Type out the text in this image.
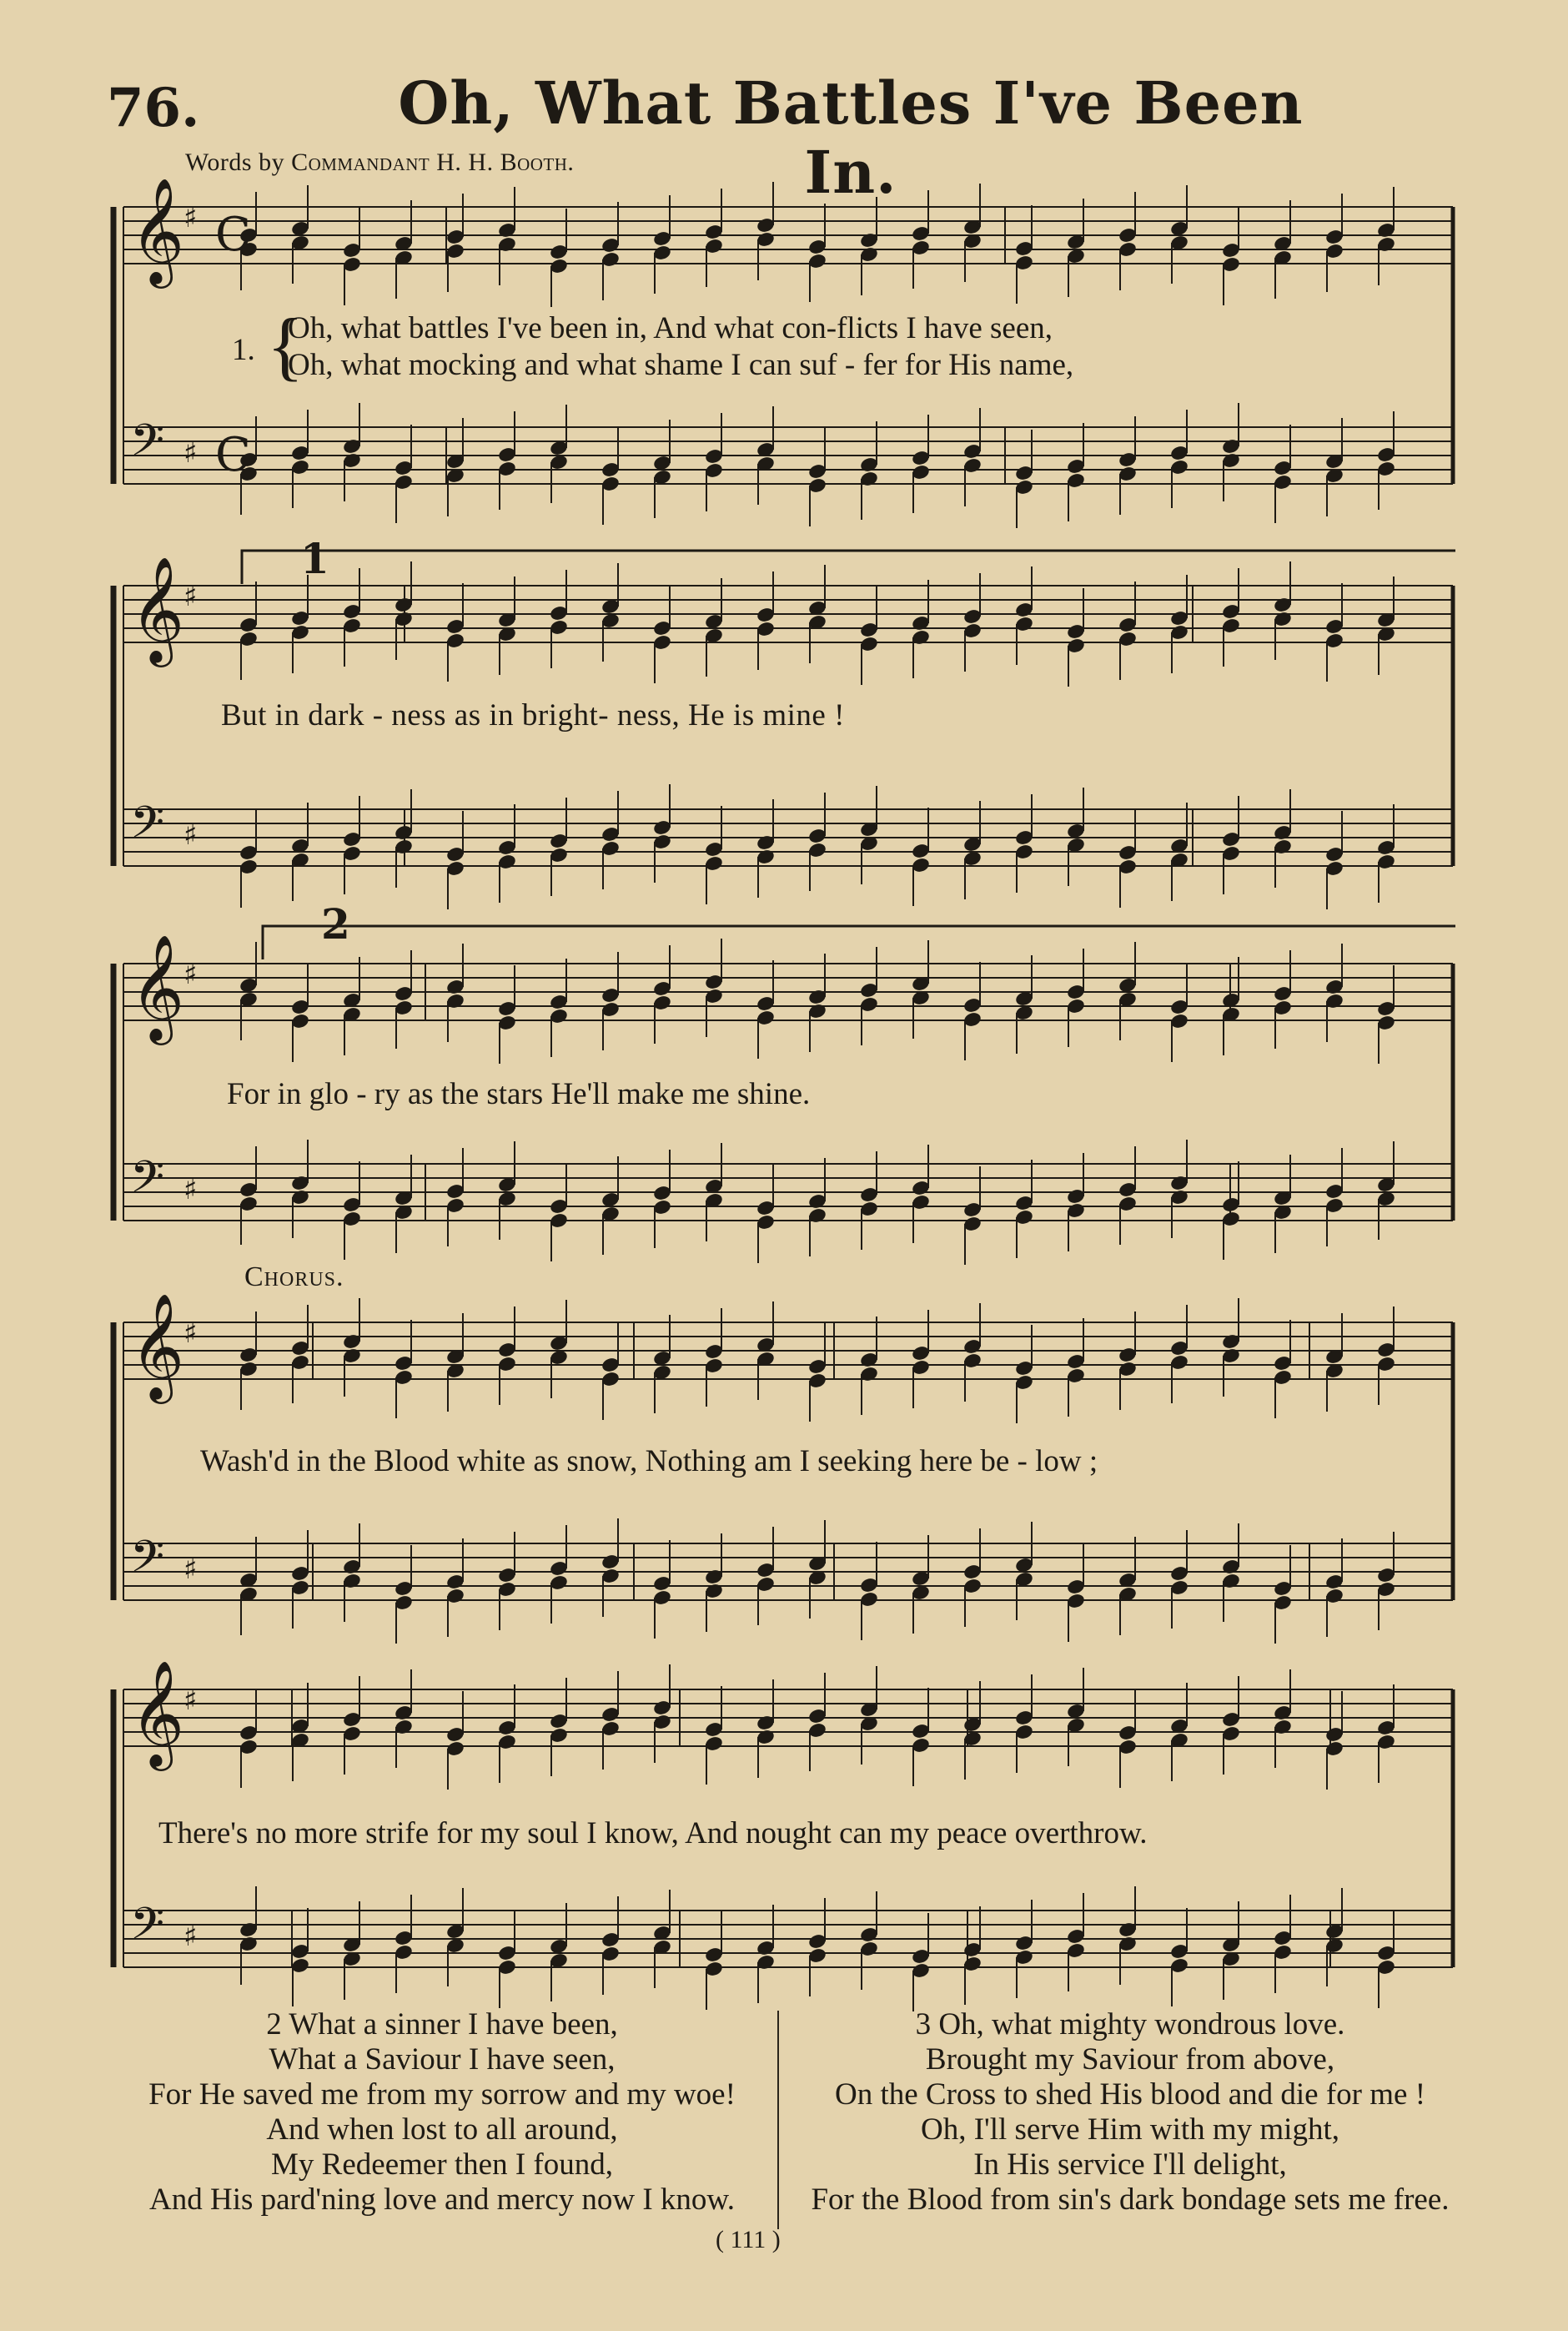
76.	Oh, What Battles I've Been In.
Words by Commandant H. H. Booth.
𝄞
♯
𝄢 ♯
𝄞
♯
𝄢 ♯
𝄞
♯
𝄢 ♯
𝄞
♯
𝄢 ♯
𝄞
♯
𝄢 ♯
C
C
1. {
Oh, what battles I've been in, And what con-flicts I have seen,
Oh, what mocking and what shame I can suf - fer for His name,
1
But in dark - ness as in bright- ness, He is mine !
2
For in glo - ry as the stars He'll make me shine.
Chorus.
Wash'd in the Blood white as snow, Nothing am I seeking here be - low ;
There's no more strife for my soul I know, And nought can my peace overthrow.
2 What a sinner I have been,
What a Saviour I have seen,
For He saved me from my sorrow and my woe!
And when lost to all around,
My Redeemer then I found,
And His pard'ning love and mercy now I know.
3 Oh, what mighty wondrous love.
Brought my Saviour from above,
On the Cross to shed His blood and die for me !
Oh, I'll serve Him with my might,
In His service I'll delight,
For the Blood from sin's dark bondage sets me free.
( 111 )
